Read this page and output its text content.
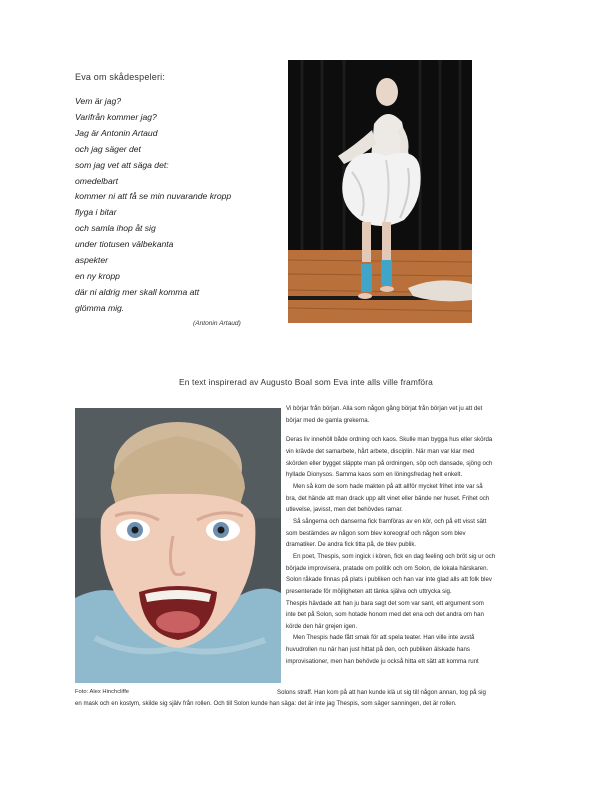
Eva om skådespeleri:
Vem är jag?
Varifrån kommer jag?
Jag är Antonin Artaud
och jag säger det
som jag vet att säga det:
omedelbart
kommer ni att få se min nuvarande kropp
flyga i bitar
och samla ihop åt sig
under tiotusen välbekanta
aspekter
en ny kropp
där ni aldrig mer skall komma att
glömma mig.
(Antonin Artaud)
En text inspirerad av Augusto Boal som Eva inte alls ville framföra
Foto: Alex Hinchcliffe

Vi börjar från början. Alla som någon gång börjat från början vet ju att det
börjar med de gamla grekerna.

Deras liv innehöll både ordning och kaos. Skulle man bygga hus eller skörda
vin krävde det samarbete, hårt arbete, disciplin. När man var klar med
skörden eller bygget släppte man på ordningen, söp och dansade, sjöng och
hyllade Dionysos. Samma kaos som en löningsfredag helt enkelt.

Men så kom de som hade makten på att allför mycket frihet inte var så
bra, det hände att man drack upp allt vinet eller bände ner huset. Frihet och
utlevelse, javisst, men det behövdes ramar.

Så sångerna och danserna fick framföras av en kör, och på ett visst sätt
som bestämdes av någon som blev koreograf och någon som blev
dramatiker. De andra fick titta på, de blev publik.

En poet, Thespis, som ingick i kören, fick en dag feeling och bröt sig ur och
började improvisera, pratade om politik och om Solon, de lokala härskaren.
Solon råkade finnas på plats i publiken och han var inte glad alls att folk blev
presenterade för möjligheten att tänka själva och uttrycka sig.
Thespis hävdade att han ju bara sagt det som var sant, ett argument som
inte bet på Solon, som hotade honom med det ena och det andra om han
körde den här grejen igen.

Men Thespis hade fått smak för att spela teater. Han ville inte avstå
huvudrollen nu när han just hittat på den, och publiken älskade hans
improvisationer, men han behövde ju också hitta ett sätt att komma runt

Solons straff. Han kom på att han kunde klä ut sig till någon annan, tog på sig
en mask och en kostym, skilde sig själv från rollen. Och till Solon kunde han säga: det är inte jag Thespis, som säger sanningen, det är rollen.
